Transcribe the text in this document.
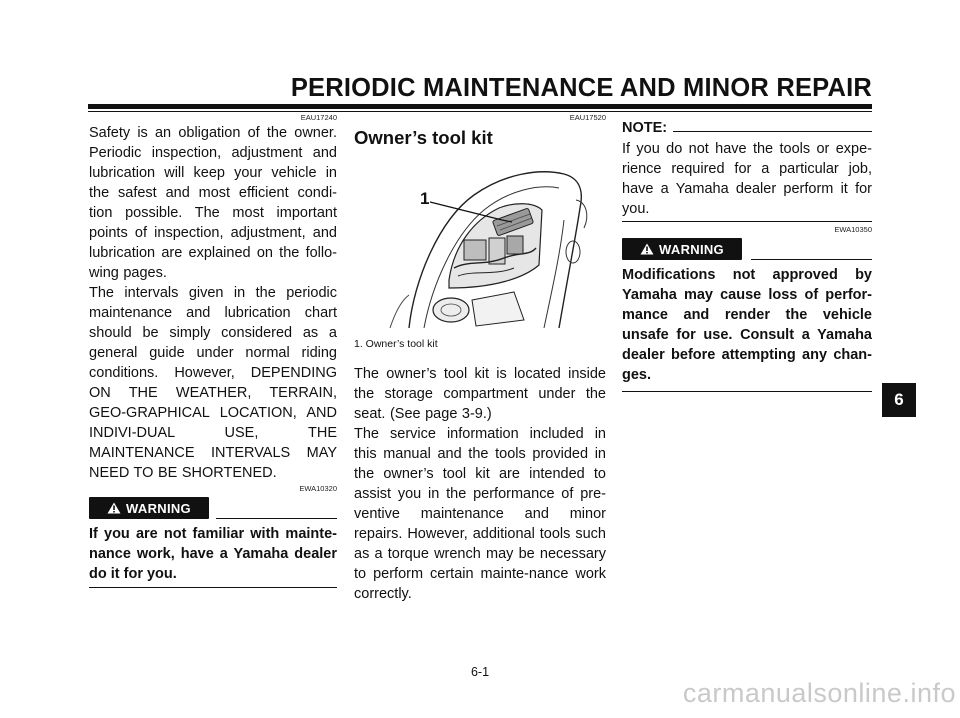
PERIODIC MAINTENANCE AND MINOR REPAIR
EAU17240

Safety is an obligation of the owner. Periodic inspection, adjustment and lubrication will keep your vehicle in the safest and most efficient condi-tion possible. The most important points of inspection, adjustment, and lubrication are explained on the follo-wing pages.

The intervals given in the periodic maintenance and lubrication chart should be simply considered as a general guide under normal riding conditions. However, DEPENDING ON THE WEATHER, TERRAIN, GEO-GRAPHICAL LOCATION, AND INDIVI-DUAL USE, THE MAINTENANCE INTERVALS MAY NEED TO BE SHORTENED.

EWA10320
WARNING

If you are not familiar with mainte-nance work, have a Yamaha dealer do it for you.

EAU17520
Owner’s tool kit
1
1. Owner’s tool kit

The owner’s tool kit is located inside the storage compartment under the seat. (See page 3-9.)

The service information included in this manual and the tools provided in the owner’s tool kit are intended to assist you in the performance of pre-ventive maintenance and minor repairs. However, additional tools such as a torque wrench may be necessary to perform certain mainte-nance work correctly.

NOTE:

If you do not have the tools or expe-rience required for a particular job, have a Yamaha dealer perform it for you.

EWA10350
WARNING

Modifications not approved by Yamaha may cause loss of perfor-mance and render the vehicle unsafe for use. Consult a Yamaha dealer before attempting any chan-ges.

6
6-1
carmanualsonline.info
